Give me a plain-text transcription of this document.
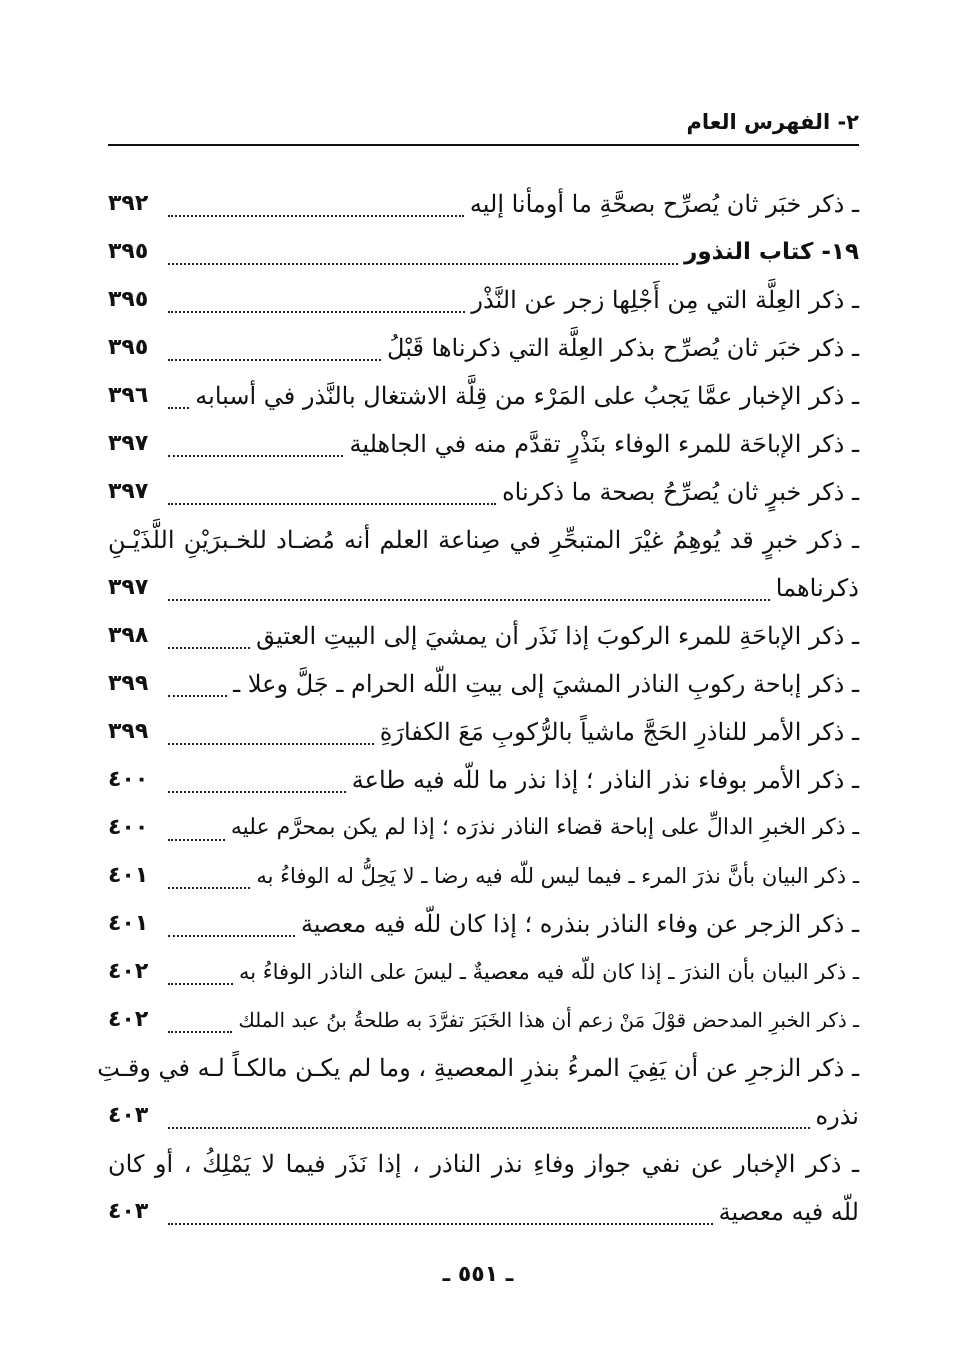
٢- الفهرس العام
ـ ذكر خبَر ثان يُصرِّح بصحَّةِ ما أومأنا إليه
٣٩٢
١٩- كتاب النذور
٣٩٥
ـ ذكر العِلَّة التي مِن أَجْلِها زجر عن النَّذْر
٣٩٥
ـ ذكر خبَر ثان يُصرِّح بذكر العِلَّة التي ذكرناها قَبْلُ
٣٩٥
ـ ذكر الإخبار عمَّا يَجبُ على المَرْء من قِلَّة الاشتغال بالنَّذر في أسبابه
٣٩٦
ـ ذكر الإباحَة للمرء الوفاء بنَذْرٍ تقدَّم منه في الجاهلية
٣٩٧
ـ ذكر خبرٍ ثان يُصرِّحُ بصحة ما ذكرناه
٣٩٧
ـ ذكر خبرٍ قد يُوهِمُ غيْرَ المتبحِّرِ في صِناعة العلم أنه مُضـاد للخـبرَيْنِ اللَّذَيْـنِ
ذكرناهما
٣٩٧
ـ ذكر الإباحَةِ للمرء الركوبَ إذا نَذَر أن يمشيَ إلى البيتِ العتيق
٣٩٨
ـ ذكر إباحة ركوبِ الناذر المشيَ إلى بيتِ اللّه الحرام ـ جَلَّ وعلا ـ
٣٩٩
ـ ذكر الأمر للناذرِ الحَجَّ ماشياً بالرُّكوبِ مَعَ الكفارَةِ
٣٩٩
ـ ذكر الأمر بوفاء نذر الناذر ؛ إذا نذر ما للّه فيه طاعة
٤٠٠
ـ ذكر الخبرِ الدالِّ على إباحة قضاء الناذر نذرَه ؛ إذا لم يكن بمحرَّم عليه
٤٠٠
ـ ذكر البيان بأنَّ نذرَ المرء ـ فيما ليس للّه فيه رضا ـ لا يَحِلُّ له الوفاءُ به
٤٠١
ـ ذكر الزجر عن وفاء الناذر بنذره ؛ إذا كان للّه فيه معصية
٤٠١
ـ ذكر البيان بأن النذرَ ـ إذا كان للّه فيه معصيةٌ ـ ليسَ على الناذر الوفاءُ به
٤٠٢
ـ ذكر الخبرِ المدحض قوْلَ مَنْ زعم أن هذا الخَبَرَ تفرَّدَ به طلحةُ بنُ عبد الملك
٤٠٢
ـ ذكر الزجرِ عن أن يَفِيَ المرءُ بنذرِ المعصيةِ ، وما لم يكـن مالكـاً لـه في وقـتِ
نذره
٤٠٣
ـ ذكر الإخبار عن نفي جواز وفاءِ نذر الناذر ، إذا نَذَر فيما لا يَمْلِكُ ، أو كان
للّه فيه معصية
٤٠٣
ـ ٥٥١ ـ
